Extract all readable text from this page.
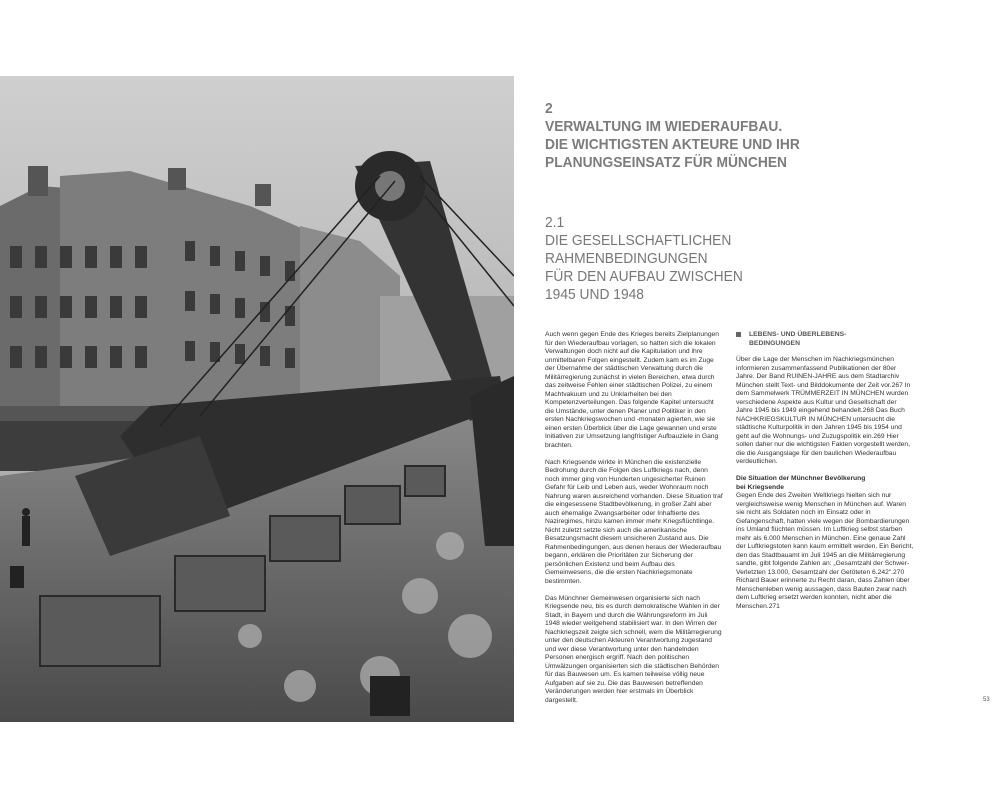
2
VERWALTUNG IM WIEDERAUFBAU.
DIE WICHTIGSTEN AKTEURE UND IHR
PLANUNGSEINSATZ FÜR MÜNCHEN
2.1
DIE GESELLSCHAFTLICHEN
RAHMENBEDINGUNGEN
FÜR DEN AUFBAU ZWISCHEN
1945 UND 1948

Auch wenn gegen Ende des Krieges bereits Zielplanungen für den Wiederaufbau vorlagen, so hatten sich die lokalen Verwaltungen doch nicht auf die Kapitulation und ihre unmittelbaren Folgen eingestellt. Zudem kam es im Zuge der Übernahme der städtischen Verwaltung durch die Militärregierung zunächst in vielen Bereichen, etwa durch das zeitweise Fehlen einer städtischen Polizei, zu einem Machtvakuum und zu Unklarheiten bei den Kompetenzverteilungen. Das folgende Kapitel untersucht die Umstände, unter denen Planer und Politiker in den ersten Nachkriegswochen und -monaten agierten, wie sie einen ersten Überblick über die Lage gewannen und erste Initiativen zur Umsetzung langfristiger Aufbauziele in Gang brachten.

Nach Kriegsende wirkte in München die existenzielle Bedrohung durch die Folgen des Luftkriegs nach, denn noch immer ging von Hunderten ungesicherter Ruinen Gefahr für Leib und Leben aus, weder Wohnraum noch Nahrung waren ausreichend vorhanden. Diese Situation traf die eingesessene Stadtbevölkerung, in großer Zahl aber auch ehemalige Zwangsarbeiter oder Inhaftierte des Naziregimes, hinzu kamen immer mehr Kriegsflüchtlinge. Nicht zuletzt setzte sich auch die amerikanische Besatzungsmacht diesem unsicheren Zustand aus. Die Rahmenbedingungen, aus denen heraus der Wiederaufbau begann, erklären die Prioritäten zur Sicherung der persönlichen Existenz und beim Aufbau des Gemeinwesens, die die ersten Nachkriegsmonate bestimmten.

Das Münchner Gemeinwesen organisierte sich nach Kriegsende neu, bis es durch demokratische Wahlen in der Stadt, in Bayern und durch die Währungsreform im Juli 1948 wieder weitgehend stabilisiert war. In den Wirren der Nachkriegszeit zeigte sich schnell, wem die Militärregierung unter den deutschen Akteuren Verantwortung zugestand und wer diese Verantwortung unter den handelnden Personen energisch ergriff. Nach den politischen Umwälzungen organisierten sich die städtischen Behörden für das Bauwesen um. Es kamen teilweise völlig neue Aufgaben auf sie zu. Die das Bauwesen betreffenden Veränderungen werden hier erstmals im Überblick dargestellt.

LEBENS- UND ÜBERLEBENS-
BEDINGUNGEN

Über die Lage der Menschen im Nachkriegsmünchen informieren zusammenfassend Publikationen der 80er Jahre. Der Band RUINEN-JAHRE aus dem Stadtarchiv München stellt Text- und Bilddokumente der Zeit vor.267 In dem Sammelwerk TRÜMMERZEIT IN MÜNCHEN wurden verschiedene Aspekte aus Kultur und Gesellschaft der Jahre 1945 bis 1949 eingehend behandelt.268 Das Buch NACHKRIEGSKULTUR IN MÜNCHEN untersucht die städtische Kulturpolitik in den Jahren 1945 bis 1954 und geht auf die Wohnungs- und Zuzugspolitik ein.269 Hier sollen daher nur die wichtigsten Fakten vorgestellt werden, die die Ausgangslage für den baulichen Wiederaufbau verdeutlichen.

Die Situation der Münchner Bevölkerung
bei Kriegsende

Gegen Ende des Zweiten Weltkriegs hielten sich nur vergleichsweise wenig Menschen in München auf. Waren sie nicht als Soldaten noch im Einsatz oder in Gefangenschaft, hatten viele wegen der Bombardierungen ins Umland flüchten müssen. Im Luftkrieg selbst starben mehr als 6.000 Menschen in München. Eine genaue Zahl der Luftkriegstoten kann kaum ermittelt werden. Ein Bericht, den das Stadtbauamt im Juli 1945 an die Militärregierung sandte, gibt folgende Zahlen an: „Gesamtzahl der Schwer-Verletzten 13.000, Gesamtzahl der Getöteten 6.242".270 Richard Bauer erinnerte zu Recht daran, dass Zahlen über Menschenleben wenig aussagen, dass Bauten zwar nach dem Luftkrieg ersetzt werden konnten, nicht aber die Menschen.271

53
